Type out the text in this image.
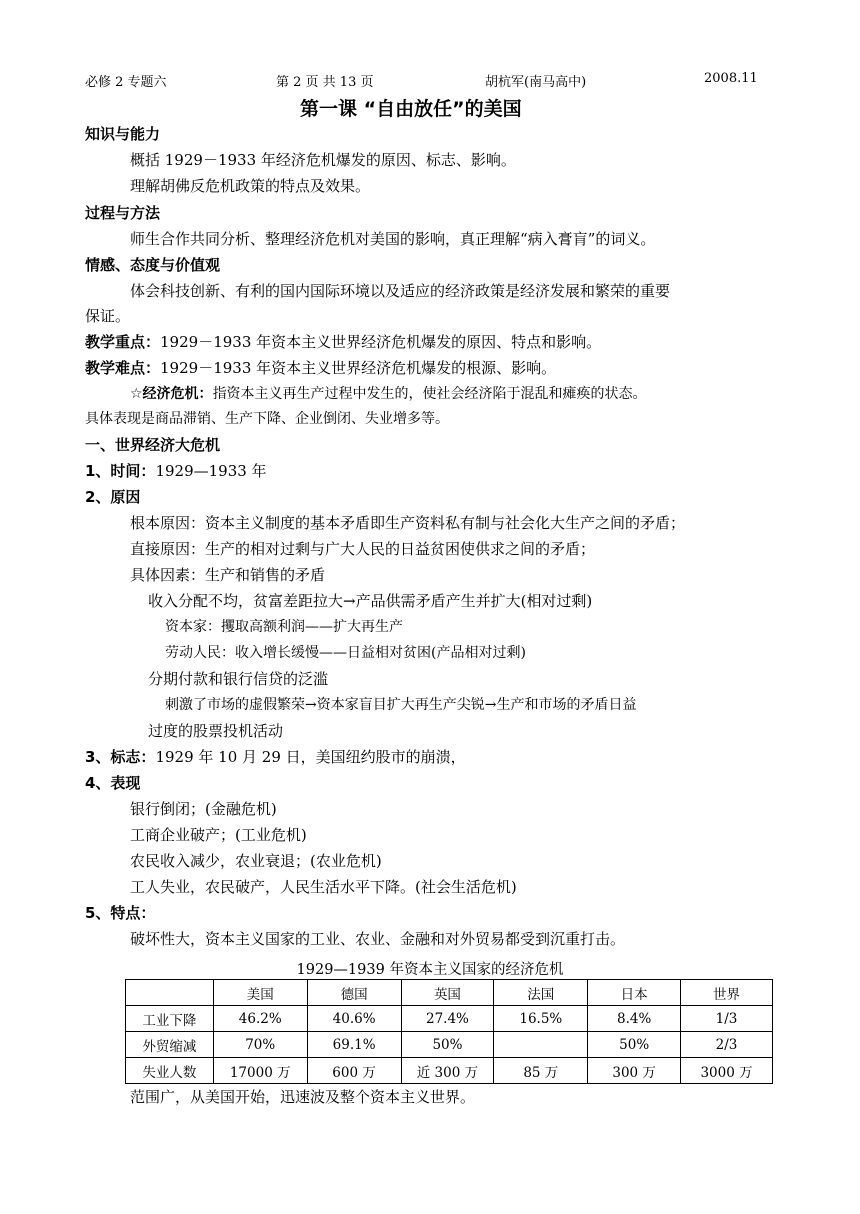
必修 2 专题六	第 2 页 共 13 页	胡杭军(南马高中)	2008.11
第一课 “自由放任”的美国
知识与能力
概括 1929－1933 年经济危机爆发的原因、标志、影响。
理解胡佛反危机政策的特点及效果。
过程与方法
师生合作共同分析、整理经济危机对美国的影响，真正理解“病入膏肓”的词义。
情感、态度与价值观
体会科技创新、有利的国内国际环境以及适应的经济政策是经济发展和繁荣的重要
保证。
教学重点：1929－1933 年资本主义世界经济危机爆发的原因、特点和影响。
教学难点：1929－1933 年资本主义世界经济危机爆发的根源、影响。
☆经济危机：指资本主义再生产过程中发生的，使社会经济陷于混乱和瘫痪的状态。
具体表现是商品滞销、生产下降、企业倒闭、失业增多等。
一、世界经济大危机
1、时间：1929—1933 年
2、原因
根本原因：资本主义制度的基本矛盾即生产资料私有制与社会化大生产之间的矛盾；
直接原因：生产的相对过剩与广大人民的日益贫困使供求之间的矛盾；
具体因素：生产和销售的矛盾
收入分配不均，贫富差距拉大→产品供需矛盾产生并扩大(相对过剩)
资本家：攫取高额利润——扩大再生产
劳动人民：收入增长缓慢——日益相对贫困(产品相对过剩)
分期付款和银行信贷的泛滥
刺激了市场的虚假繁荣→资本家盲目扩大再生产尖锐→生产和市场的矛盾日益
过度的股票投机活动
3、标志：1929 年 10 月 29 日，美国纽约股市的崩溃，
4、表现
银行倒闭；(金融危机)
工商企业破产；(工业危机)
农民收入减少，农业衰退；(农业危机)
工人失业，农民破产，人民生活水平下降。(社会生活危机)
5、特点：
破坏性大，资本主义国家的工业、农业、金融和对外贸易都受到沉重打击。
1929—1939 年资本主义国家的经济危机
	美国	德国	英国	法国	日本	世界
工业下降	46.2%	40.6%	27.4%	16.5%	8.4%	1/3
外贸缩减	70%	69.1%	50%		50%	2/3
失业人数	17000 万	600 万	近 300 万	85 万	300 万	3000 万
范围广，从美国开始，迅速波及整个资本主义世界。
